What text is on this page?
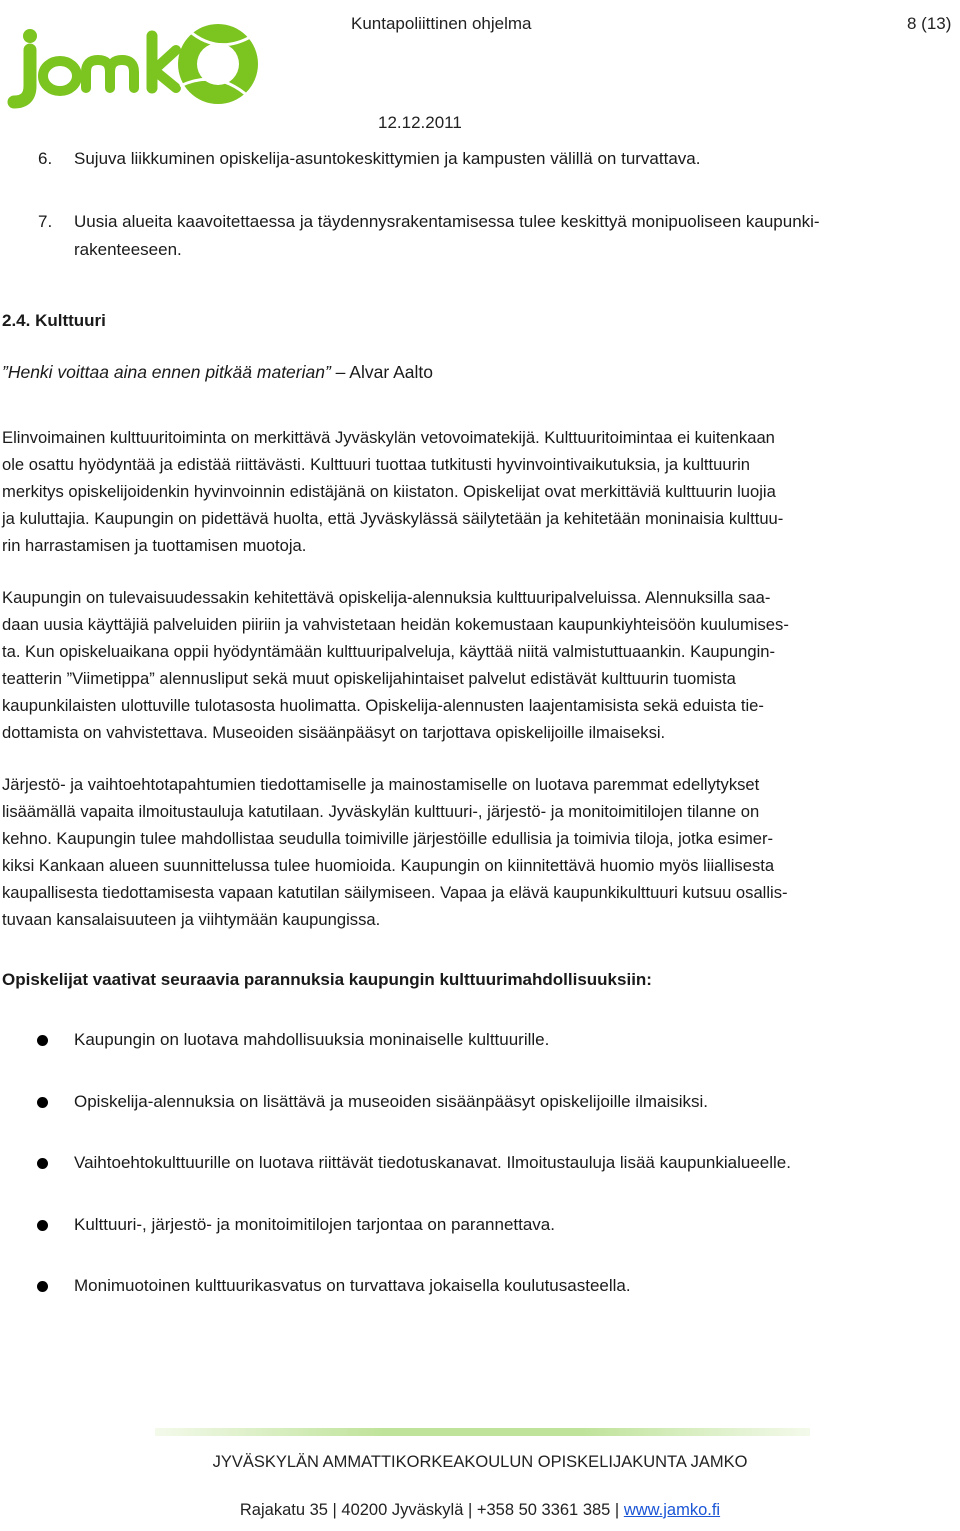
jamko
Kuntapoliittinen ohjelma	8 (13)
12.12.2011
6. Sujuva liikkuminen opiskelija-asuntokeskittymien ja kampusten välillä on turvattava.
7. Uusia alueita kaavoitettaessa ja täydennysrakentamisessa tulee keskittyä monipuoliseen kaupunki-
rakenteeseen.
2.4. Kulttuuri
”Henki voittaa aina ennen pitkää materian” – Alvar Aalto
Elinvoimainen kulttuuritoiminta on merkittävä Jyväskylän vetovoimatekijä. Kulttuuritoimintaa ei kuitenkaan
ole osattu hyödyntää ja edistää riittävästi. Kulttuuri tuottaa tutkitusti hyvinvointivaikutuksia, ja kulttuurin
merkitys opiskelijoidenkin hyvinvoinnin edistäjänä on kiistaton. Opiskelijat ovat merkittäviä kulttuurin luojia
ja kuluttajia. Kaupungin on pidettävä huolta, että Jyväskylässä säilytetään ja kehitetään moninaisia kulttuu-
rin harrastamisen ja tuottamisen muotoja.
Kaupungin on tulevaisuudessakin kehitettävä opiskelija-alennuksia kulttuuripalveluissa. Alennuksilla saa-
daan uusia käyttäjiä palveluiden piiriin ja vahvistetaan heidän kokemustaan kaupunkiyhteisöön kuulumises-
ta. Kun opiskeluaikana oppii hyödyntämään kulttuuripalveluja, käyttää niitä valmistuttuaankin. Kaupungin-
teatterin ”Viimetippa” alennusliput sekä muut opiskelijahintaiset palvelut edistävät kulttuurin tuomista
kaupunkilaisten ulottuville tulotasosta huolimatta. Opiskelija-alennusten laajentamisista sekä eduista tie-
dottamista on vahvistettava. Museoiden sisäänpääsyt on tarjottava opiskelijoille ilmaiseksi.
Järjestö- ja vaihtoehtotapahtumien tiedottamiselle ja mainostamiselle on luotava paremmat edellytykset
lisäämällä vapaita ilmoitustauluja katutilaan. Jyväskylän kulttuuri-, järjestö- ja monitoimitilojen tilanne on
kehno. Kaupungin tulee mahdollistaa seudulla toimiville järjestöille edullisia ja toimivia tiloja, jotka esimer-
kiksi Kankaan alueen suunnittelussa tulee huomioida. Kaupungin on kiinnitettävä huomio myös liiallisesta
kaupallisesta tiedottamisesta vapaan katutilan säilymiseen. Vapaa ja elävä kaupunkikulttuuri kutsuu osallis-
tuvaan kansalaisuuteen ja viihtymään kaupungissa.
Opiskelijat vaativat seuraavia parannuksia kaupungin kulttuurimahdollisuuksiin:
Kaupungin on luotava mahdollisuuksia moninaiselle kulttuurille.
Opiskelija-alennuksia on lisättävä ja museoiden sisäänpääsyt opiskelijoille ilmaisiksi.
Vaihtoehtokulttuurille on luotava riittävät tiedotuskanavat. Ilmoitustauluja lisää kaupunkialueelle.
Kulttuuri-, järjestö- ja monitoimitilojen tarjontaa on parannettava.
Monimuotoinen kulttuurikasvatus on turvattava jokaisella koulutusasteella.
JYVÄSKYLÄN AMMATTIKORKEAKOULUN OPISKELIJAKUNTA JAMKO
Rajakatu 35 | 40200 Jyväskylä | +358 50 3361 385 | www.jamko.fi
